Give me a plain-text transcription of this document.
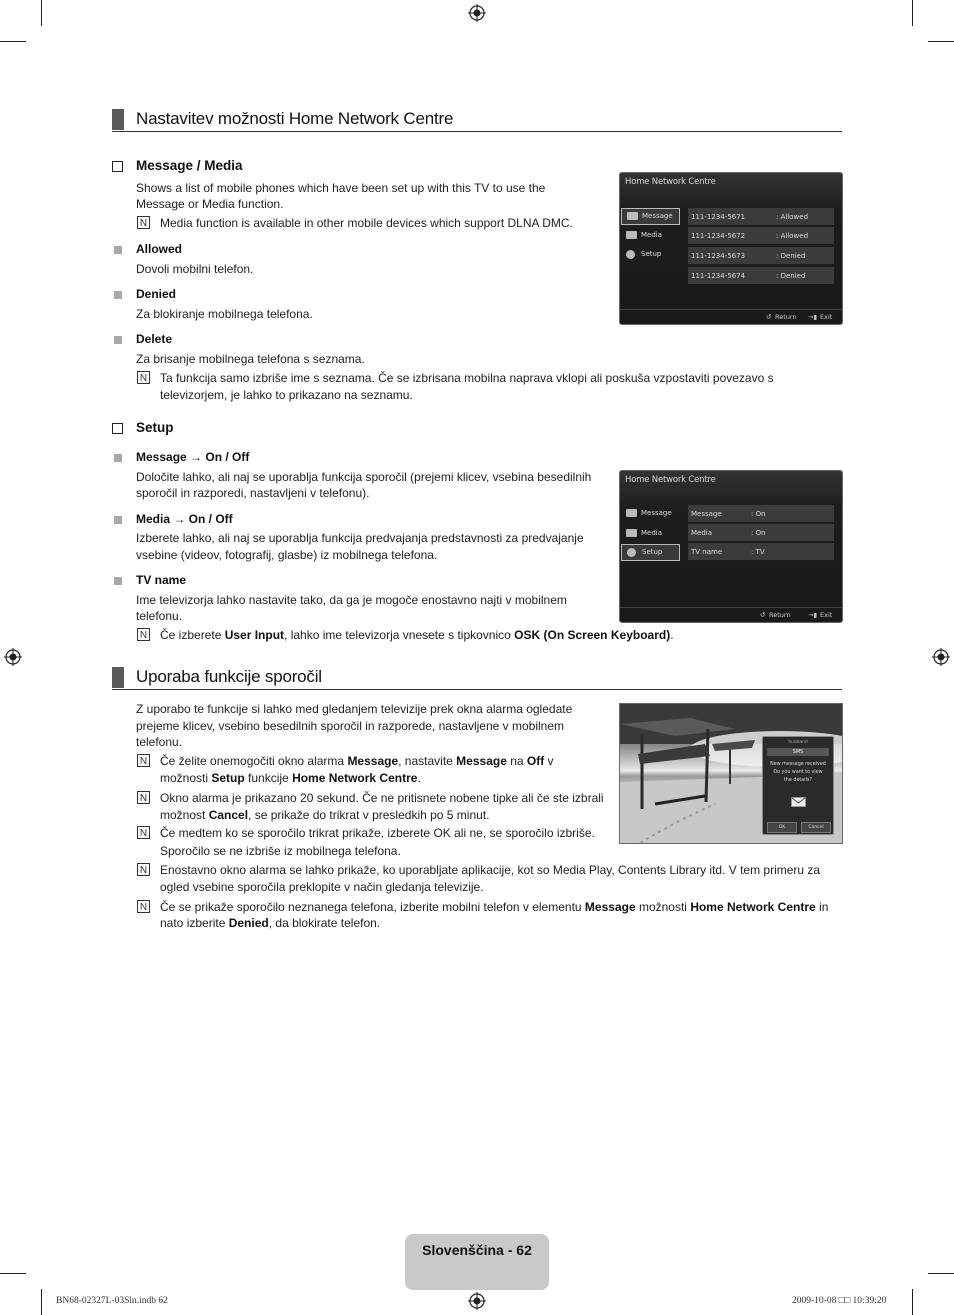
Nastavitev možnosti Home Network Centre
Message / Media
Shows a list of mobile phones which have been set up with this TV to use the
Message or Media function.
N Media function is available in other mobile devices which support DLNA DMC.
Allowed
Dovoli mobilni telefon.
Denied
Za blokiranje mobilnega telefona.
Delete
Za brisanje mobilnega telefona s seznama.
N Ta funkcija samo izbriše ime s seznama. Če se izbrisana mobilna naprava vklopi ali poskuša vzpostaviti povezavo s
televizorjem, je lahko to prikazano na seznamu.
Setup
Message → On / Off
Določite lahko, ali naj se uporablja funkcija sporočil (prejemi klicev, vsebina besedilnih
sporočil in razporedi, nastavljeni v telefonu).
Media → On / Off
Izberete lahko, ali naj se uporablja funkcija predvajanja predstavnosti za predvajanje
vsebine (videov, fotografij, glasbe) iz mobilnega telefona.
TV name
Ime televizorja lahko nastavite tako, da ga je mogoče enostavno najti v mobilnem
telefonu.
N Če izberete User Input, lahko ime televizorja vnesete s tipkovnico OSK (On Screen Keyboard).
Home Network Centre
Message
Media
Setup
111-1234-5671	: Allowed
111-1234-5672	: Allowed
111-1234-5673	: Denied
111-1234-5674	: Denied
↺ Return →▮ Exit
Home Network Centre
Message
Media
Setup
Message	: On
Media	: On
TV name	: TV
↺ Return	→▮ Exit
Uporaba funkcije sporočil
Z uporabo te funkcije si lahko med gledanjem televizije prek okna alarma ogledate
prejeme klicev, vsebino besedilnih sporočil in razporede, nastavljene v mobilnem
telefonu.
N Če želite onemogočiti okno alarma Message, nastavite Message na Off v
možnosti Setup funkcije Home Network Centre.
N Okno alarma je prikazano 20 sekund. Če ne pritisnete nobene tipke ali če ste izbrali
možnost Cancel, se prikaže do trikrat v presledkih po 5 minut.
N Če medtem ko se sporočilo trikrat prikaže, izberete OK ali ne, se sporočilo izbriše.
Sporočilo se ne izbriše iz mobilnega telefona.
N Enostavno okno alarma se lahko prikaže, ko uporabljate aplikacije, kot so Media Play, Contents Library itd. V tem primeru za
ogled vsebine sporočila preklopite v način gledanja televizije.
N Če se prikaže sporočilo neznanega telefona, izberite mobilni telefon v elementu Message možnosti Home Network Centre in
nato izberite Denied, da blokirate telefon.
husband
SMS
New message received
Do you want to view
the details?
OK	Cancel
Slovenščina - 62
BN68-02327L-03Sln.indb 62	2009-10-08 □□ 10:39:20
